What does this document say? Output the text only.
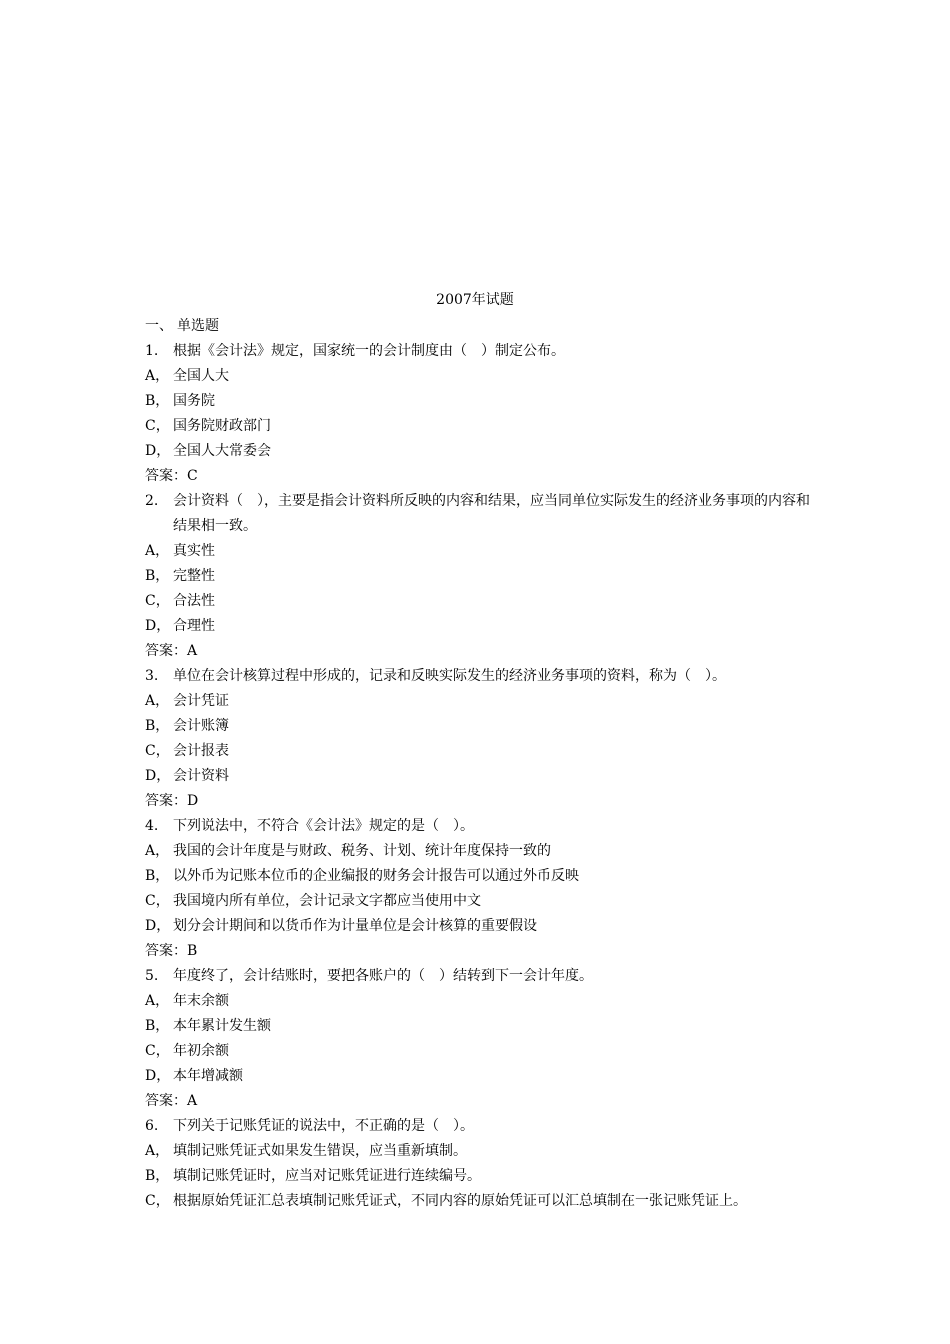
2007年试题
一、 单选题
1.	根据《会计法》规定，国家统一的会计制度由（　）制定公布。
A， 全国人大
B， 国务院
C， 国务院财政部门
D， 全国人大常委会
答案：C
2.	会计资料（　），主要是指会计资料所反映的内容和结果，应当同单位实际发生的经济业务事项的内容和结果相一致。
A， 真实性
B， 完整性
C， 合法性
D， 合理性
答案：A
3.	单位在会计核算过程中形成的，记录和反映实际发生的经济业务事项的资料，称为（　）。
A， 会计凭证
B， 会计账簿
C， 会计报表
D， 会计资料
答案：D
4.	下列说法中，不符合《会计法》规定的是（　）。
A， 我国的会计年度是与财政、税务、计划、统计年度保持一致的
B， 以外币为记账本位币的企业编报的财务会计报告可以通过外币反映
C， 我国境内所有单位，会计记录文字都应当使用中文
D， 划分会计期间和以货币作为计量单位是会计核算的重要假设
答案：B
5.	年度终了，会计结账时，要把各账户的（　）结转到下一会计年度。
A， 年末余额
B， 本年累计发生额
C， 年初余额
D， 本年增减额
答案：A
6.	下列关于记账凭证的说法中，不正确的是（　）。
A， 填制记账凭证式如果发生错误，应当重新填制。
B， 填制记账凭证时，应当对记账凭证进行连续编号。
C， 根据原始凭证汇总表填制记账凭证式，不同内容的原始凭证可以汇总填制在一张记账凭证上。
